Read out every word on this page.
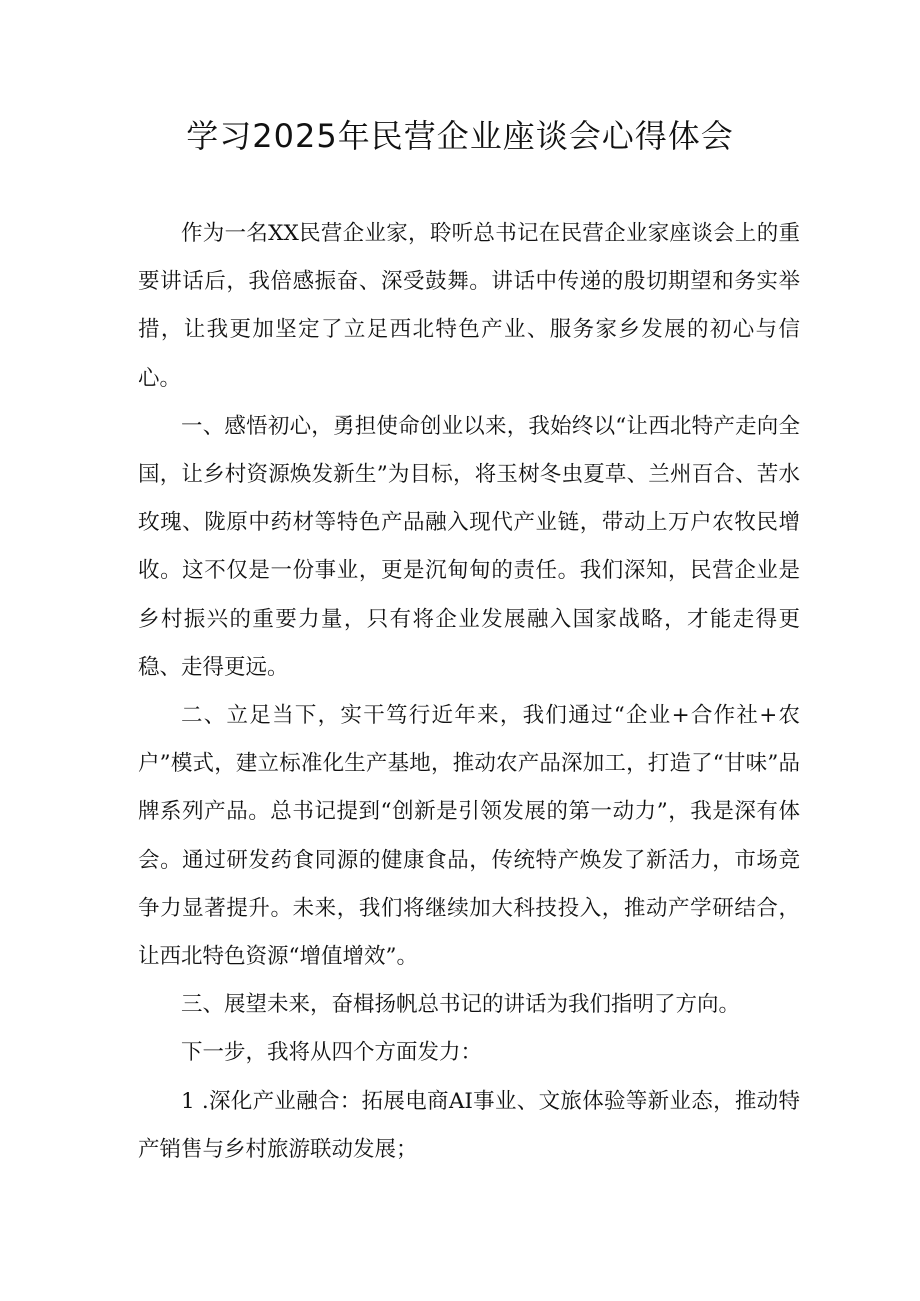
学习2025年民营企业座谈会心得体会

作为一名XX民营企业家，聆听总书记在民营企业家座谈会上的重要讲话后，我倍感振奋、深受鼓舞。讲话中传递的殷切期望和务实举措，让我更加坚定了立足西北特色产业、服务家乡发展的初心与信心。

一、感悟初心，勇担使命创业以来，我始终以“让西北特产走向全国，让乡村资源焕发新生”为目标，将玉树冬虫夏草、兰州百合、苦水玫瑰、陇原中药材等特色产品融入现代产业链，带动上万户农牧民增收。这不仅是一份事业，更是沉甸甸的责任。我们深知，民营企业是乡村振兴的重要力量，只有将企业发展融入国家战略，才能走得更稳、走得更远。

二、立足当下，实干笃行近年来，我们通过“企业+合作社+农户”模式，建立标准化生产基地，推动农产品深加工，打造了“甘味”品牌系列产品。总书记提到“创新是引领发展的第一动力”，我是深有体会。通过研发药食同源的健康食品，传统特产焕发了新活力，市场竞争力显著提升。未来，我们将继续加大科技投入，推动产学研结合，让西北特色资源“增值增效”。

三、展望未来，奋楫扬帆总书记的讲话为我们指明了方向。

下一步，我将从四个方面发力：

1 .深化产业融合：拓展电商AI事业、文旅体验等新业态，推动特产销售与乡村旅游联动发展；
